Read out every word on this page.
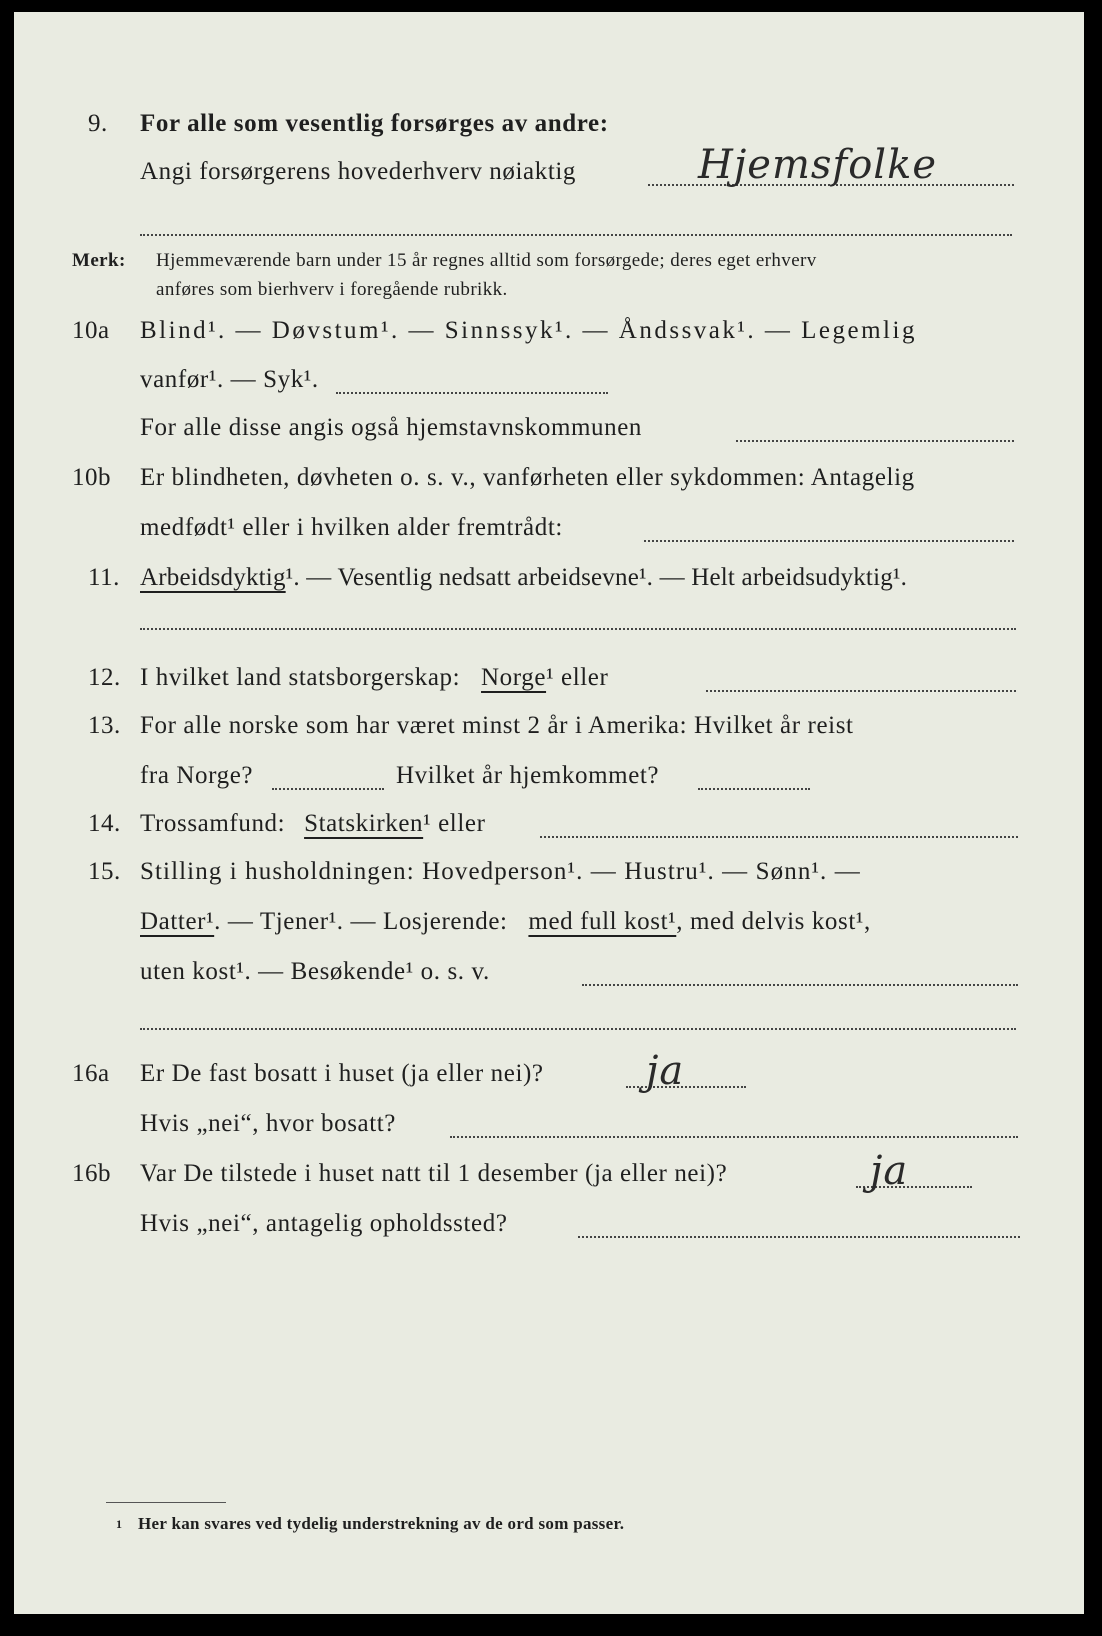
9. For alle som vesentlig forsørges av andre:
Angi forsørgerens hovederhverv nøiaktig	Hjemsfolke
Merk: Hjemmeværende barn under 15 år regnes alltid som forsørgede; deres eget erhverv
anføres som bierhverv i foregående rubrikk.
10a Blind¹. — Døvstum¹. — Sinnssyk¹. — Åndssvak¹. — Legemlig
vanfør¹. — Syk¹.
For alle disse angis også hjemstavnskommunen
10b Er blindheten, døvheten o. s. v., vanførheten eller sykdommen: Antagelig
medfødt¹ eller i hvilken alder fremtrådt:
11. Arbeidsdyktig¹. — Vesentlig nedsatt arbeidsevne¹. — Helt arbeidsudyktig¹.
12. I hvilket land statsborgerskap: Norge¹ eller
13. For alle norske som har været minst 2 år i Amerika: Hvilket år reist
fra Norge?	Hvilket år hjemkommet?
14. Trossamfund: Statskirken¹ eller
15. Stilling i husholdningen: Hovedperson¹. — Hustru¹. — Sønn¹. —
Datter¹. — Tjener¹. — Losjerende: med full kost¹, med delvis kost¹,
uten kost¹. — Besøkende¹ o. s. v.
16a Er De fast bosatt i huset (ja eller nei)?	ja
Hvis „nei“, hvor bosatt?
16b Var De tilstede i huset natt til 1 desember (ja eller nei)?	ja
Hvis „nei“, antagelig opholdssted?
1 Her kan svares ved tydelig understrekning av de ord som passer.
